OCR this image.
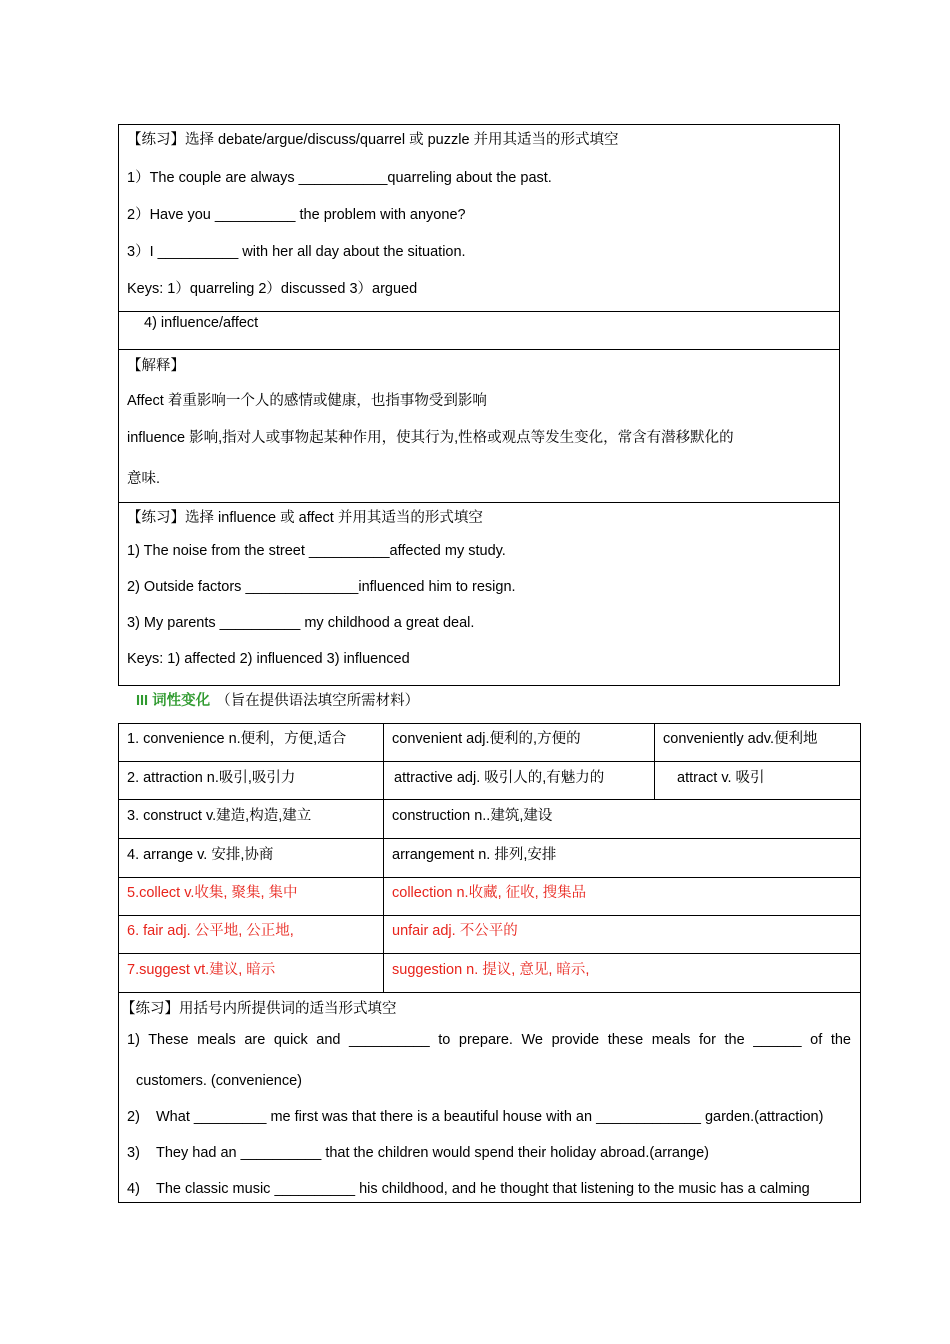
【练习】选择 debate/argue/discuss/quarrel 或 puzzle 并用其适当的形式填空
1）The couple are always ___________quarreling about the past.
2）Have you __________ the problem with anyone?
3）I __________ with her all day about the situation.
Keys: 1）quarreling 2）discussed 3）argued
4) influence/affect
【解释】
Affect 着重影响一个人的感情或健康，也指事物受到影响
influence 影响,指对人或事物起某种作用，使其行为,性格或观点等发生变化，常含有潜移默化的
意味.
【练习】选择 influence 或 affect 并用其适当的形式填空
1) The noise from the street __________affected my study.
2) Outside factors ______________influenced him to resign.
3) My parents __________ my childhood a great deal.
Keys: 1) affected 2) influenced 3) influenced
III 词性变化 （旨在提供语法填空所需材料）
1. convenience n.便利，方便,适合	convenient adj.便利的,方便的	conveniently adv.便利地
2. attraction n.吸引,吸引力	attractive adj. 吸引人的,有魅力的	attract v. 吸引
3. construct v.建造,构造,建立	construction n..建筑,建设
4. arrange v. 安排,协商	arrangement n. 排列,安排
5.collect v.收集, 聚集, 集中	collection n.收藏, 征收, 搜集品
6. fair adj. 公平地, 公正地,	unfair adj. 不公平的
7.suggest vt.建议, 暗示	suggestion n. 提议, 意见, 暗示,
【练习】用括号内所提供词的适当形式填空
1) These meals are quick and __________ to prepare. We provide these meals for the ______ of the
customers. (convenience)
2) What _________ me first was that there is a beautiful house with an _____________ garden.(attraction)
3) They had an __________ that the children would spend their holiday abroad.(arrange)
4) The classic music __________ his childhood, and he thought that listening to the music has a calming
